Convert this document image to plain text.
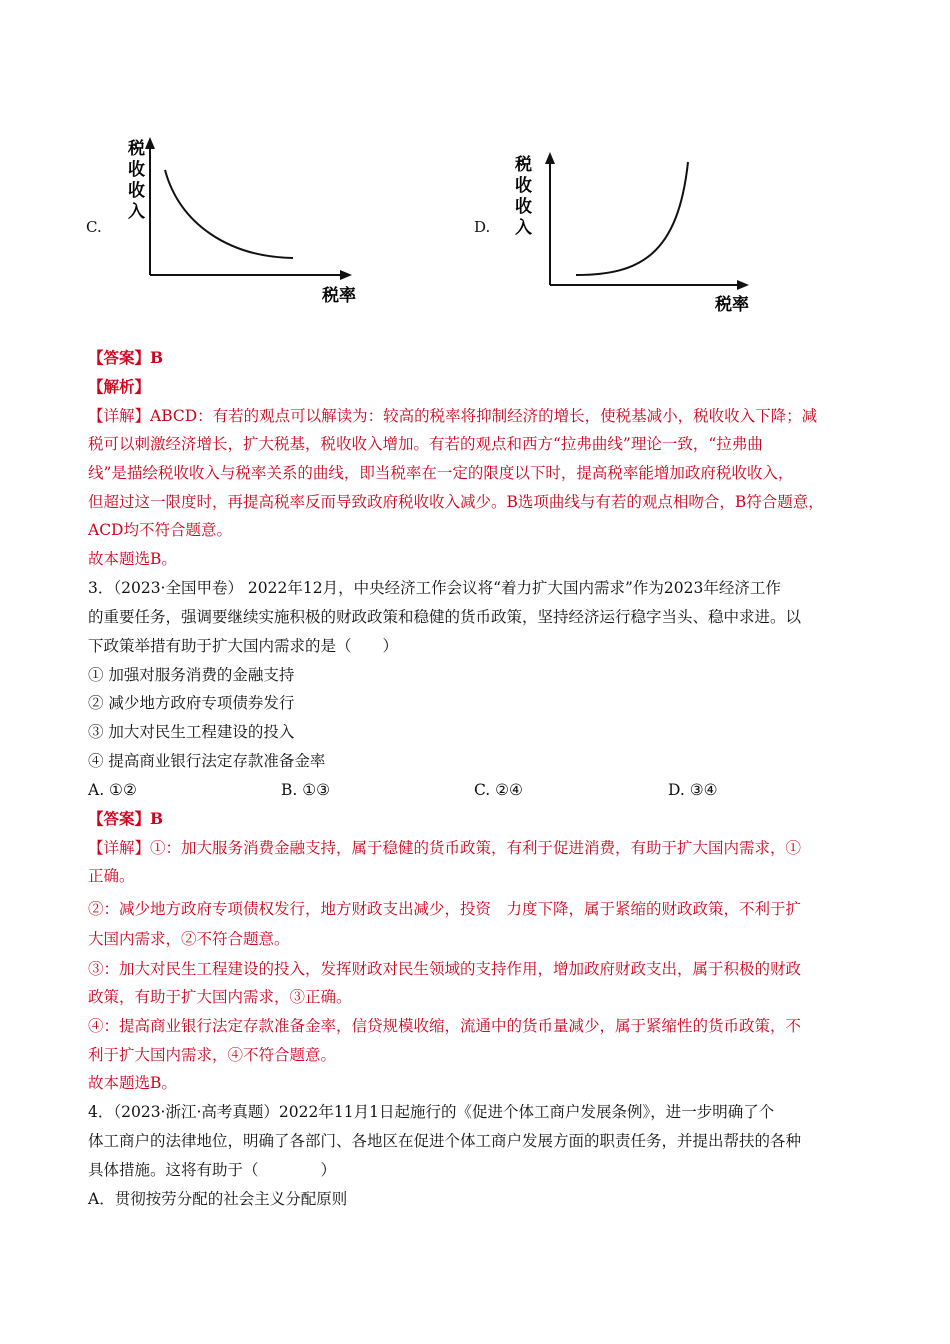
C.
税
收
收
入
税率
D.
税
收
收
入
税率
【答案】B
【解析】
【详解】ABCD：有若的观点可以解读为：较高的税率将抑制经济的增长，使税基减小，税收收入下降；减
税可以刺激经济增长，扩大税基，税收收入增加。有若的观点和西方“拉弗曲线”理论一致，“拉弗曲
线”是描绘税收收入与税率关系的曲线，即当税率在一定的限度以下时，提高税率能增加政府税收收入，
但超过这一限度时，再提高税率反而导致政府税收收入减少。B选项曲线与有若的观点相吻合，B符合题意，
ACD均不符合题意。
故本题选B。
3．（2023·全国甲卷） 2022年12月，中央经济工作会议将“着力扩大国内需求”作为2023年经济工作
的重要任务，强调要继续实施积极的财政政策和稳健的货币政策，坚持经济运行稳字当头、稳中求进。以
下政策举措有助于扩大国内需求的是（　　）
① 加强对服务消费的金融支持
② 减少地方政府专项债券发行
③ 加大对民生工程建设的投入
④ 提高商业银行法定存款准备金率
A. ①②	B. ①③	C. ②④	D. ③④
【答案】B
【详解】①：加大服务消费金融支持，属于稳健的货币政策，有利于促进消费，有助于扩大国内需求，①
正确。
②：减少地方政府专项债权发行，地方财政支出减少，投资　力度下降，属于紧缩的财政政策，不利于扩
大国内需求，②不符合题意。
③：加大对民生工程建设的投入，发挥财政对民生领域的支持作用，增加政府财政支出，属于积极的财政
政策，有助于扩大国内需求，③正确。
④：提高商业银行法定存款准备金率，信贷规模收缩，流通中的货币量减少，属于紧缩性的货币政策，不
利于扩大国内需求，④不符合题意。
故本题选B。
4．（2023·浙江·高考真题）2022年11月1日起施行的《促进个体工商户发展条例》，进一步明确了个
体工商户的法律地位，明确了各部门、各地区在促进个体工商户发展方面的职责任务，并提出帮扶的各种
具体措施。这将有助于（　　　　）
A．贯彻按劳分配的社会主义分配原则
